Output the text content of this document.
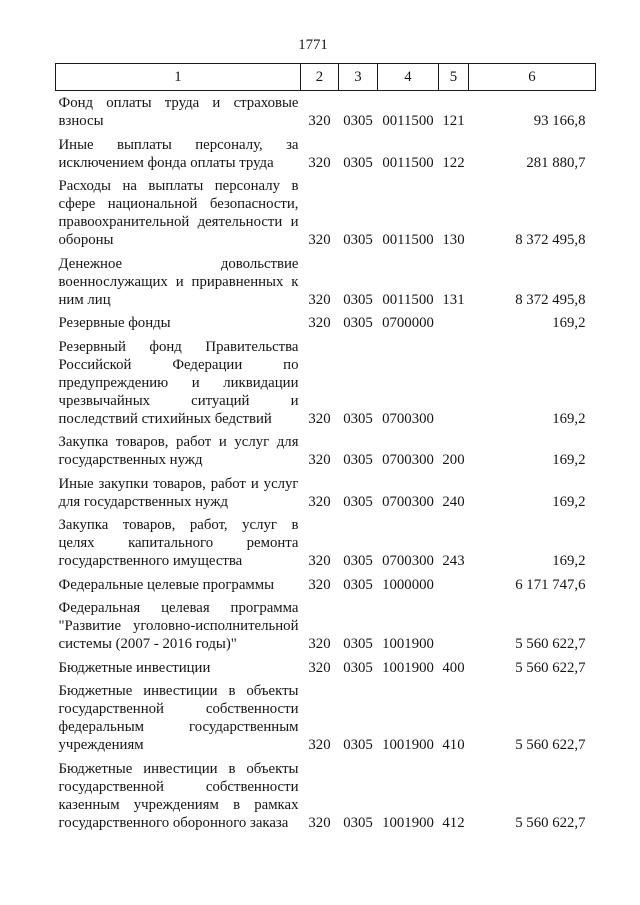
1771
1	2	3	4	5	6

Фонд оплаты труда и страховые
взносы	320	0305	0011500	121	93 166,8

Иные выплаты персоналу, за
исключением фонда оплаты труда	320	0305	0011500	122	281 880,7

Расходы на выплаты персоналу в
сфере национальной безопасности,
правоохранительной деятельности и
обороны	320	0305	0011500	130	8 372 495,8

Денежное довольствие
военнослужащих и приравненных к
ним лиц	320	0305	0011500	131	8 372 495,8

Резервные фонды	320	0305	0700000		169,2

Резервный фонд Правительства
Российской Федерации по
предупреждению и ликвидации
чрезвычайных ситуаций и
последствий стихийных бедствий	320	0305	0700300		169,2

Закупка товаров, работ и услуг для
государственных нужд	320	0305	0700300	200	169,2

Иные закупки товаров, работ и услуг
для государственных нужд	320	0305	0700300	240	169,2

Закупка товаров, работ, услуг в
целях капитального ремонта
государственного имущества	320	0305	0700300	243	169,2

Федеральные целевые программы	320	0305	1000000		6 171 747,6

Федеральная целевая программа
"Развитие уголовно-исполнительной
системы (2007 - 2016 годы)"	320	0305	1001900		5 560 622,7

Бюджетные инвестиции	320	0305	1001900	400	5 560 622,7

Бюджетные инвестиции в объекты
государственной собственности
федеральным государственным
учреждениям	320	0305	1001900	410	5 560 622,7

Бюджетные инвестиции в объекты
государственной собственности
казенным учреждениям в рамках
государственного оборонного заказа	320	0305	1001900	412	5 560 622,7
